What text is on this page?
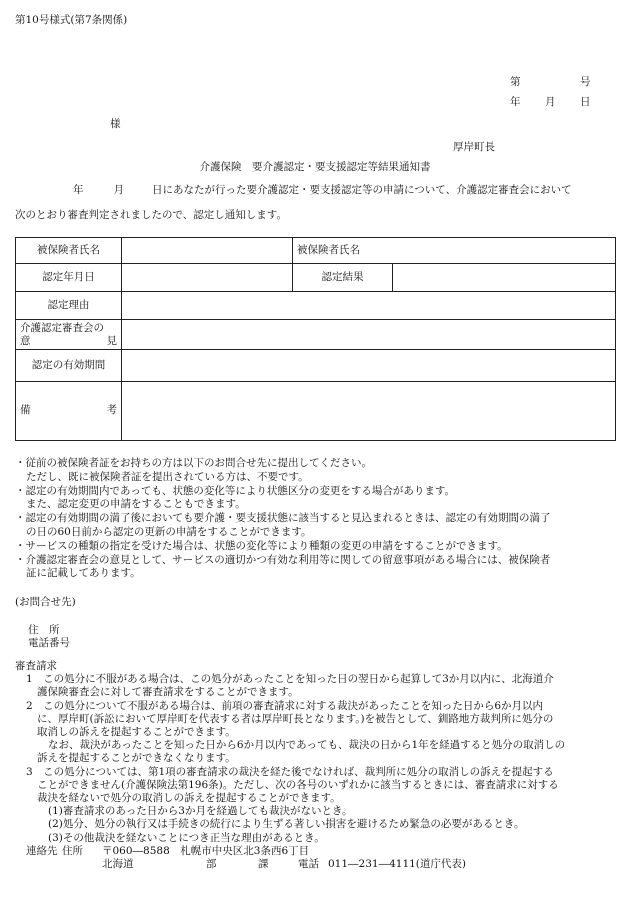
第10号様式(第7条関係)
第	号
年 月 日
様
厚岸町長
介護保険　要介護認定・要支援認定等結果通知書
年	月	日にあなたが行った要介護認定・要支援認定等の申請について、介護認定審査会において
次のとおり審査判定されましたので、認定し通知します。
被保険者氏名		被保険者氏名	
認定年月日		認定結果	
認定理由			

介護認定審査会の
意 見			

認定の有効期間			

備 考			

・従前の被保険者証をお持ちの方は以下のお問合せ先に提出してください。

ただし、既に被保険者証を提出されている方は、不要です。

・認定の有効期間内であっても、状態の変化等により状態区分の変更をする場合があります。

また、認定変更の申請をすることもできます。

・認定の有効期間の満了後においても要介護・要支援状態に該当すると見込まれるときは、認定の有効期間の満了

の日の60日前から認定の更新の申請をすることができます。

・サービスの種類の指定を受けた場合は、状態の変化等により種類の変更の申請をすることができます。

・介護認定審査会の意見として、サービスの適切かつ有効な利用等に関しての留意事項がある場合には、被保険者

証に記載してあります。

(お問合せ先)
住　所
電話番号

審査請求

1　この処分に不服がある場合は、この処分があったことを知った日の翌日から起算して3か月以内に、北海道介

護保険審査会に対して審査請求をすることができます。

2　この処分について不服がある場合は、前項の審査請求に対する裁決があったことを知った日から6か月以内

に、厚岸町(訴訟において厚岸町を代表する者は厚岸町長となります。)を被告として、釧路地方裁判所に処分の

取消しの訴えを提起することができます。

なお、裁決があったことを知った日から6か月以内であっても、裁決の日から1年を経過すると処分の取消しの

訴えを提起することができなくなります。

3　この処分については、第1項の審査請求の裁決を経た後でなければ、裁判所に処分の取消しの訴えを提起する

ことができません(介護保険法第196条)。ただし、次の各号のいずれかに該当するときには、審査請求に対する

裁決を経ないで処分の取消しの訴えを提起することができます。

(1)審査請求のあった日から3か月を経過しても裁決がないとき。

(2)処分、処分の執行又は手続きの続行により生ずる著しい損害を避けるため緊急の必要があるとき。

(3)その他裁決を経ないことにつき正当な理由があるとき。

連絡先 住所	〒060―8588　札幌市中央区北3条西6丁目

北海道	部	課	電話 011―231―4111(道庁代表)
